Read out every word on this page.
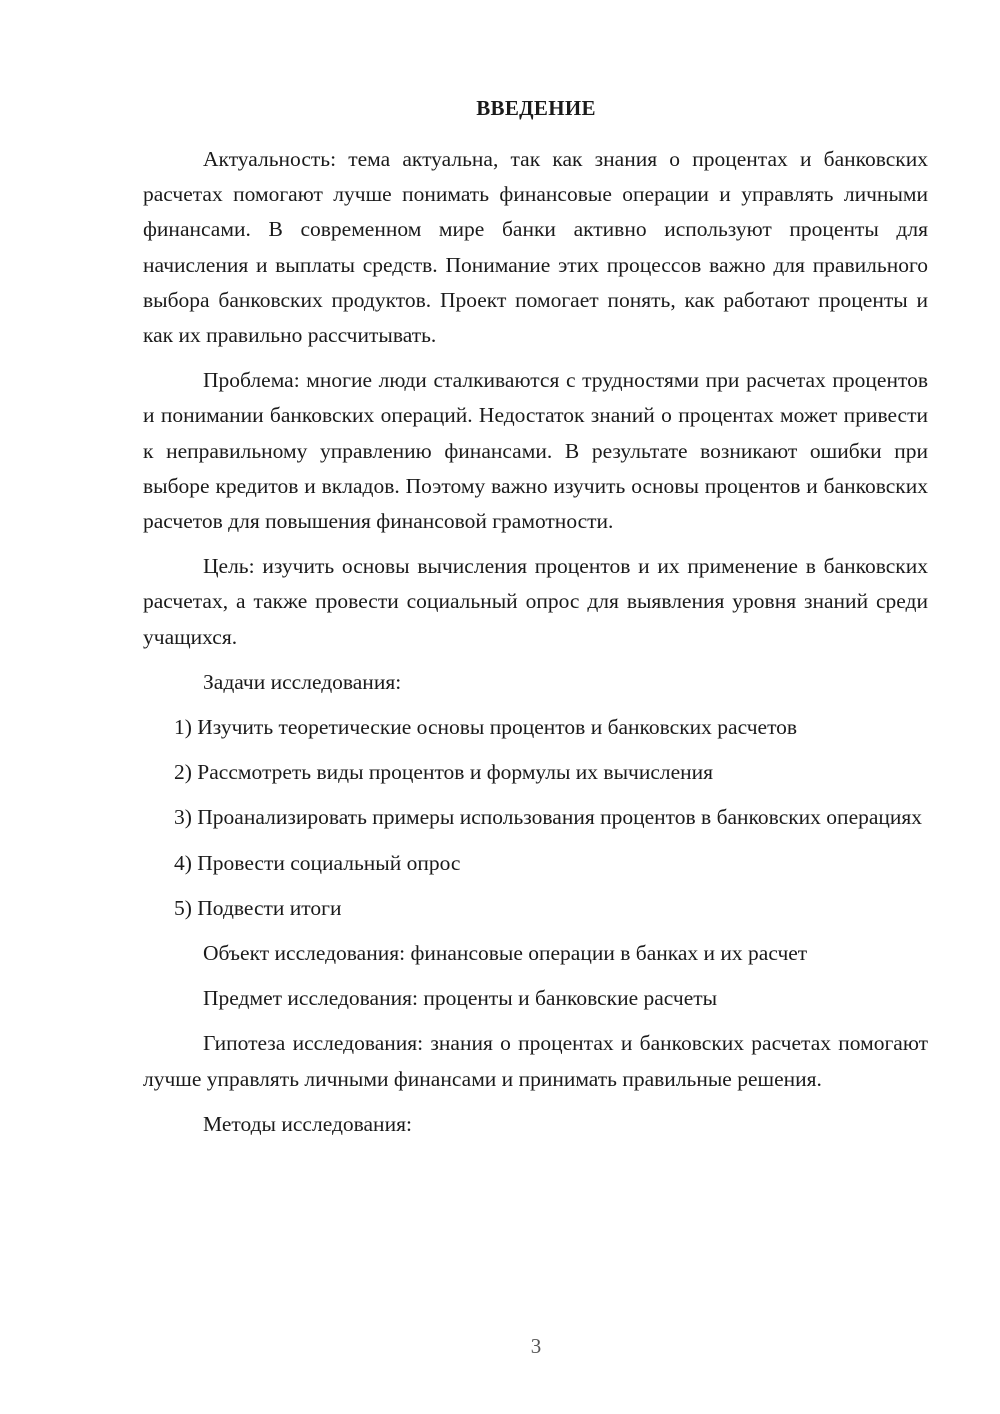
ВВЕДЕНИЕ

Актуальность: тема актуальна, так как знания о процентах и банковских расчетах помогают лучше понимать финансовые операции и управлять личными финансами. В современном мире банки активно используют проценты для начисления и выплаты средств. Понимание этих процессов важно для правильного выбора банковских продуктов. Проект помогает понять, как работают проценты и как их правильно рассчитывать.

Проблема: многие люди сталкиваются с трудностями при расчетах процентов и понимании банковских операций. Недостаток знаний о процентах может привести к неправильному управлению финансами. В результате возникают ошибки при выборе кредитов и вкладов. Поэтому важно изучить основы процентов и банковских расчетов для повышения финансовой грамотности.

Цель: изучить основы вычисления процентов и их применение в банковских расчетах, а также провести социальный опрос для выявления уровня знаний среди учащихся.

Задачи исследования:

1) Изучить теоретические основы процентов и банковских расчетов

2) Рассмотреть виды процентов и формулы их вычисления

3) Проанализировать примеры использования процентов в банковских операциях

4) Провести социальный опрос

5) Подвести итоги

Объект исследования: финансовые операции в банках и их расчет

Предмет исследования: проценты и банковские расчеты

Гипотеза исследования: знания о процентах и банковских расчетах помогают лучше управлять личными финансами и принимать правильные решения.

Методы исследования:

3
